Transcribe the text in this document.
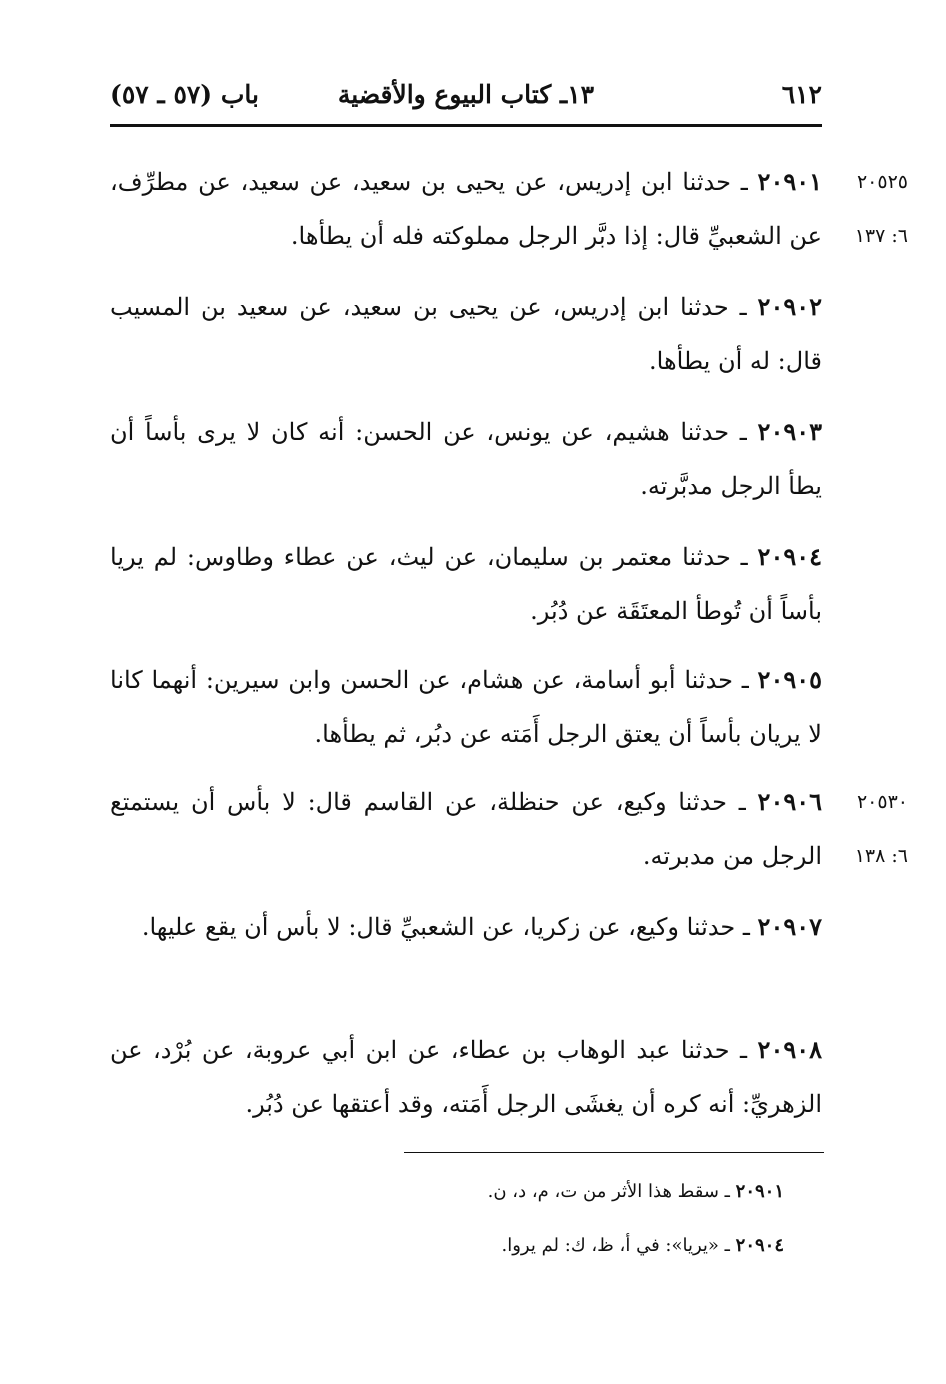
٦١٢
١٣ـ كتاب البيوع والأقضية
باب (٥٧ ـ ٥٧)
٢٠٩٠١ ـ حدثنا ابن إدريس، عن يحيى بن سعيد، عن سعيد، عن مطرِّف، عن الشعبيِّ قال: إذا دبَّر الرجل مملوكته فله أن يطأها.
٢٠٥٢٥
٦: ١٣٧
٢٠٩٠٢ ـ حدثنا ابن إدريس، عن يحيى بن سعيد، عن سعيد بن المسيب قال: له أن يطأها.
٢٠٩٠٣ ـ حدثنا هشيم، عن يونس، عن الحسن: أنه كان لا يرى بأساً أن يطأ الرجل مدبَّرته.
٢٠٩٠٤ ـ حدثنا معتمر بن سليمان، عن ليث، عن عطاء وطاوس: لم يريا بأساً أن تُوطأ المعتَقَة عن دُبُر.
٢٠٩٠٥ ـ حدثنا أبو أسامة، عن هشام، عن الحسن وابن سيرين: أنهما كانا لا يريان بأساً أن يعتق الرجل أَمَته عن دبُر، ثم يطأها.
٢٠٩٠٦ ـ حدثنا وكيع، عن حنظلة، عن القاسم قال: لا بأس أن يستمتع الرجل من مدبرته.
٢٠٥٣٠
٦: ١٣٨
٢٠٩٠٧ ـ حدثنا وكيع، عن زكريا، عن الشعبيِّ قال: لا بأس أن يقع عليها.
٢٠٩٠٨ ـ حدثنا عبد الوهاب بن عطاء، عن ابن أبي عروبة، عن بُرْد، عن الزهريِّ: أنه كره أن يغشَى الرجل أَمَته، وقد أعتقها عن دُبُر.
٢٠٩٠١ ـ سقط هذا الأثر من ت، م، د، ن.
٢٠٩٠٤ ـ «يريا»: في أ، ظ، ك: لم يروا.
